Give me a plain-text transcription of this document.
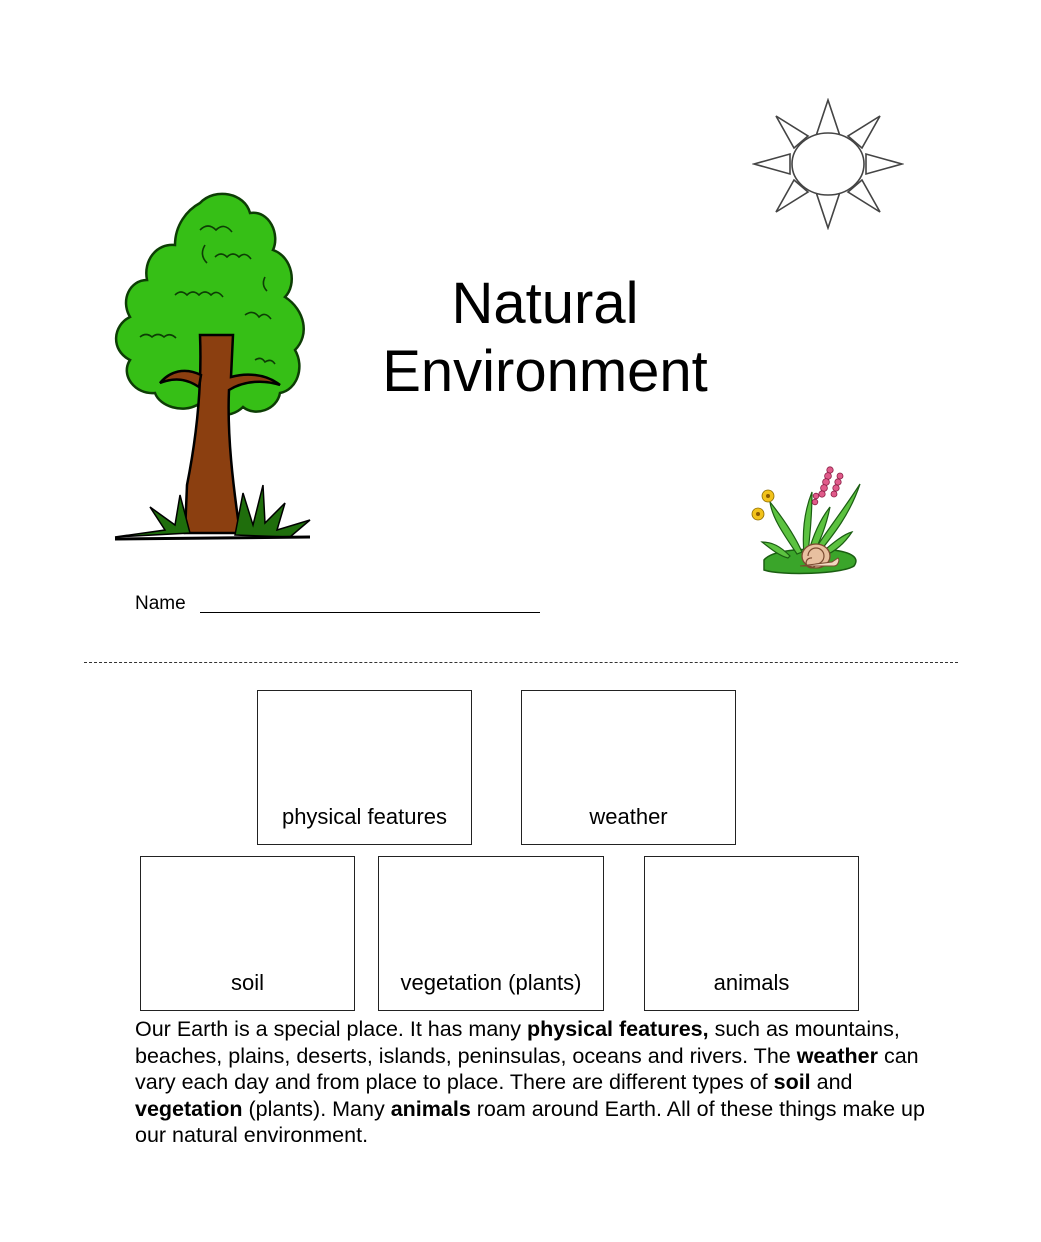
Natural
Environment
Name
physical features	weather
soil	vegetation (plants)	animals

Our Earth is a special place. It has many physical features, such as mountains, beaches, plains, deserts, islands, peninsulas, oceans and rivers. The weather can vary each day and from place to place. There are different types of soil and vegetation (plants). Many animals roam around Earth. All of these things make up our natural environment.
